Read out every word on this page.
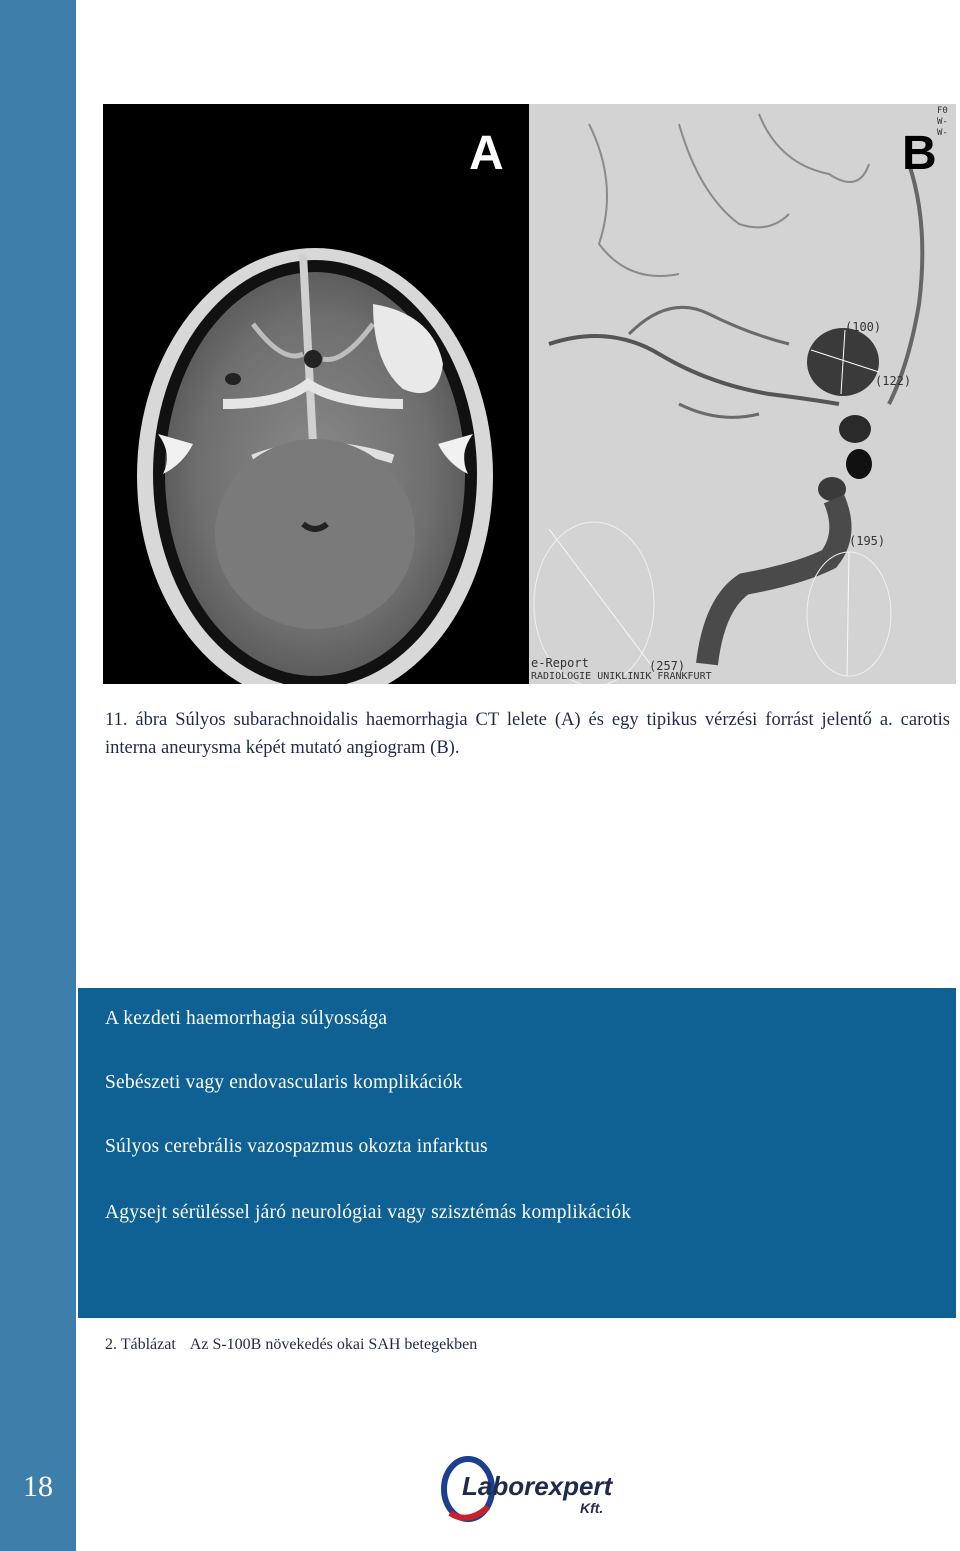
18
A	B
(100)
(122)
(195)
(257)
e-Report
RADIOLOGIE UNIKLINIK FRANKFURT
F0 W- W-
11. ábra Súlyos subarachnoidalis haemorrhagia CT lelete (A) és egy tipikus vérzési forrást jelentő a. carotis interna aneurysma képét mutató angiogram (B).
A kezdeti haemorrhagia súlyossága
Sebészeti vagy endovascularis komplikációk
Súlyos cerebrális vazospazmus okozta infarktus
Agysejt sérüléssel járó neurológiai vagy szisztémás komplikációk
2. Táblázat Az S-100B növekedés okai SAH betegekben
Laborexpert
Kft.
